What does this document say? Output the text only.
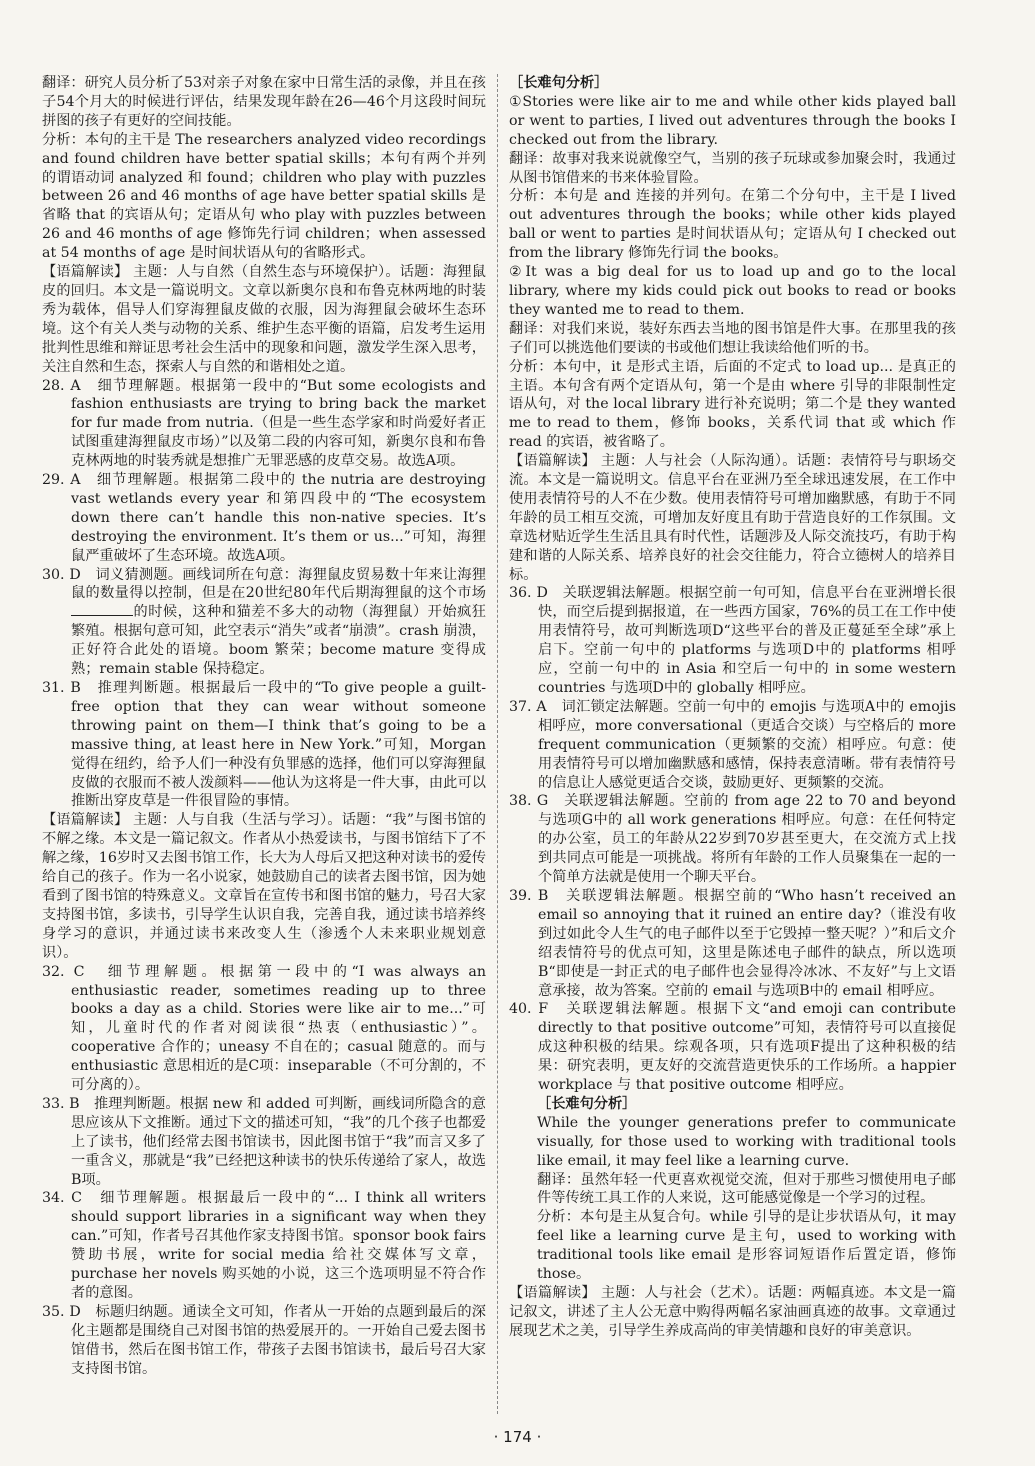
翻译：研究人员分析了53对亲子对象在家中日常生活的录像，并且在孩子54个月大的时候进行评估，结果发现年龄在26—46个月这段时间玩拼图的孩子有更好的空间技能。

分析：本句的主干是 The researchers analyzed video recordings and found children have better spatial skills；本句有两个并列的谓语动词 analyzed 和 found；children who play with puzzles between 26 and 46 months of age have better spatial skills 是省略 that 的宾语从句；定语从句 who play with puzzles between 26 and 46 months of age 修饰先行词 children；when assessed at 54 months of age 是时间状语从句的省略形式。

【语篇解读】 主题：人与自然（自然生态与环境保护）。话题：海狸鼠皮的回归。本文是一篇说明文。文章以新奥尔良和布鲁克林两地的时装秀为载体，倡导人们穿海狸鼠皮做的衣服，因为海狸鼠会破坏生态环境。这个有关人类与动物的关系、维护生态平衡的语篇，启发考生运用批判性思维和辩证思考社会生活中的现象和问题，激发学生深入思考，关注自然和生态，探索人与自然的和谐相处之道。

28. A　细节理解题。根据第一段中的“But some ecologists and fashion enthusiasts are trying to bring back the market for fur made from nutria.（但是一些生态学家和时尚爱好者正试图重建海狸鼠皮市场）”以及第二段的内容可知，新奥尔良和布鲁克林两地的时装秀就是想推广无罪恶感的皮草交易。故选A项。

29. A　细节理解题。根据第二段中的 the nutria are destroying vast wetlands every year 和第四段中的“The ecosystem down there can’t handle this non-native species. It’s destroying the environment. It’s them or us...”可知，海狸鼠严重破坏了生态环境。故选A项。

30. D　词义猜测题。画线词所在句意：海狸鼠皮贸易数十年来让海狸鼠的数量得以控制，但是在20世纪80年代后期海狸鼠的这个市场的时候，这种和猫差不多大的动物（海狸鼠）开始疯狂繁殖。根据句意可知，此空表示“消失”或者“崩溃”。crash 崩溃，正好符合此处的语境。boom 繁荣；become mature 变得成熟；remain stable 保持稳定。

31. B　推理判断题。根据最后一段中的“To give people a guilt-free option that they can wear without someone throwing paint on them—I think that’s going to be a massive thing, at least here in New York.”可知，Morgan 觉得在纽约，给予人们一种没有负罪感的选择，他们可以穿海狸鼠皮做的衣服而不被人泼颜料——他认为这将是一件大事，由此可以推断出穿皮草是一件很冒险的事情。

【语篇解读】 主题：人与自我（生活与学习）。话题：“我”与图书馆的不解之缘。本文是一篇记叙文。作者从小热爱读书，与图书馆结下了不解之缘，16岁时又去图书馆工作，长大为人母后又把这种对读书的爱传给自己的孩子。作为一名小说家，她鼓励自己的读者去图书馆，因为她看到了图书馆的特殊意义。文章旨在宣传书和图书馆的魅力，号召大家支持图书馆，多读书，引导学生认识自我，完善自我，通过读书培养终身学习的意识，并通过读书来改变人生（渗透个人未来职业规划意识）。

32. C　细节理解题。根据第一段中的“I was always an enthusiastic reader, sometimes reading up to three books a day as a child. Stories were like air to me...”可知，儿童时代的作者对阅读很“热衷（enthusiastic）”。cooperative 合作的；uneasy 不自在的；casual 随意的。而与 enthusiastic 意思相近的是C项：inseparable（不可分割的，不可分离的）。

33. B　推理判断题。根据 new 和 added 可判断，画线词所隐含的意思应该从下文推断。通过下文的描述可知，“我”的几个孩子也都爱上了读书，他们经常去图书馆读书，因此图书馆于“我”而言又多了一重含义，那就是“我”已经把这种读书的快乐传递给了家人，故选B项。

34. C　细节理解题。根据最后一段中的“... I think all writers should support libraries in a significant way when they can.”可知，作者号召其他作家支持图书馆。sponsor book fairs 赞助书展，write for social media 给社交媒体写文章，purchase her novels 购买她的小说，这三个选项明显不符合作者的意图。

35. D　标题归纳题。通读全文可知，作者从一开始的点题到最后的深化主题都是围绕自己对图书馆的热爱展开的。一开始自己爱去图书馆借书，然后在图书馆工作，带孩子去图书馆读书，最后号召大家支持图书馆。

［长难句分析］

①Stories were like air to me and while other kids played ball or went to parties, I lived out adventures through the books I checked out from the library.

翻译：故事对我来说就像空气，当别的孩子玩球或参加聚会时，我通过从图书馆借来的书来体验冒险。

分析：本句是 and 连接的并列句。在第二个分句中，主干是 I lived out adventures through the books；while other kids played ball or went to parties 是时间状语从句；定语从句 I checked out from the library 修饰先行词 the books。

②It was a big deal for us to load up and go to the local library, where my kids could pick out books to read or books they wanted me to read to them.

翻译：对我们来说，装好东西去当地的图书馆是件大事。在那里我的孩子们可以挑选他们要读的书或他们想让我读给他们听的书。

分析：本句中，it 是形式主语，后面的不定式 to load up... 是真正的主语。本句含有两个定语从句，第一个是由 where 引导的非限制性定语从句，对 the local library 进行补充说明；第二个是 they wanted me to read to them，修饰 books，关系代词 that 或 which 作 read 的宾语，被省略了。

【语篇解读】 主题：人与社会（人际沟通）。话题：表情符号与职场交流。本文是一篇说明文。信息平台在亚洲乃至全球迅速发展，在工作中使用表情符号的人不在少数。使用表情符号可增加幽默感，有助于不同年龄的员工相互交流，可增加友好度且有助于营造良好的工作氛围。文章选材贴近学生生活且具有时代性，话题涉及人际交流技巧，有助于构建和谐的人际关系、培养良好的社会交往能力，符合立德树人的培养目标。

36. D　关联逻辑法解题。根据空前一句可知，信息平台在亚洲增长很快，而空后提到据报道，在一些西方国家，76%的员工在工作中使用表情符号，故可判断选项D“这些平台的普及正蔓延至全球”承上启下。空前一句中的 platforms 与选项D中的 platforms 相呼应，空前一句中的 in Asia 和空后一句中的 in some western countries 与选项D中的 globally 相呼应。

37. A　词汇锁定法解题。空前一句中的 emojis 与选项A中的 emojis 相呼应，more conversational（更适合交谈）与空格后的 more frequent communication（更频繁的交流）相呼应。句意：使用表情符号可以增加幽默感和感情，保持表意清晰。带有表情符号的信息让人感觉更适合交谈，鼓励更好、更频繁的交流。

38. G　关联逻辑法解题。空前的 from age 22 to 70 and beyond 与选项G中的 all work generations 相呼应。句意：在任何特定的办公室，员工的年龄从22岁到70岁甚至更大，在交流方式上找到共同点可能是一项挑战。将所有年龄的工作人员聚集在一起的一个简单方法就是使用一个聊天平台。

39. B　关联逻辑法解题。根据空前的“Who hasn’t received an email so annoying that it ruined an entire day?（谁没有收到过如此令人生气的电子邮件以至于它毁掉一整天呢？）”和后文介绍表情符号的优点可知，这里是陈述电子邮件的缺点，所以选项B“即使是一封正式的电子邮件也会显得冷冰冰、不友好”与上文语意承接，故为答案。空前的 email 与选项B中的 email 相呼应。

40. F　关联逻辑法解题。根据下文“and emoji can contribute directly to that positive outcome”可知，表情符号可以直接促成这种积极的结果。综观各项，只有选项F提出了这种积极的结果：研究表明，更友好的交流营造更快乐的工作场所。a happier workplace 与 that positive outcome 相呼应。

［长难句分析］

While the younger generations prefer to communicate visually, for those used to working with traditional tools like email, it may feel like a learning curve.

翻译：虽然年轻一代更喜欢视觉交流，但对于那些习惯使用电子邮件等传统工具工作的人来说，这可能感觉像是一个学习的过程。

分析：本句是主从复合句。while 引导的是让步状语从句，it may feel like a learning curve 是主句，used to working with traditional tools like email 是形容词短语作后置定语，修饰 those。

【语篇解读】 主题：人与社会（艺术）。话题：两幅真迹。本文是一篇记叙文，讲述了主人公无意中购得两幅名家油画真迹的故事。文章通过展现艺术之美，引导学生养成高尚的审美情趣和良好的审美意识。

· 174 ·
